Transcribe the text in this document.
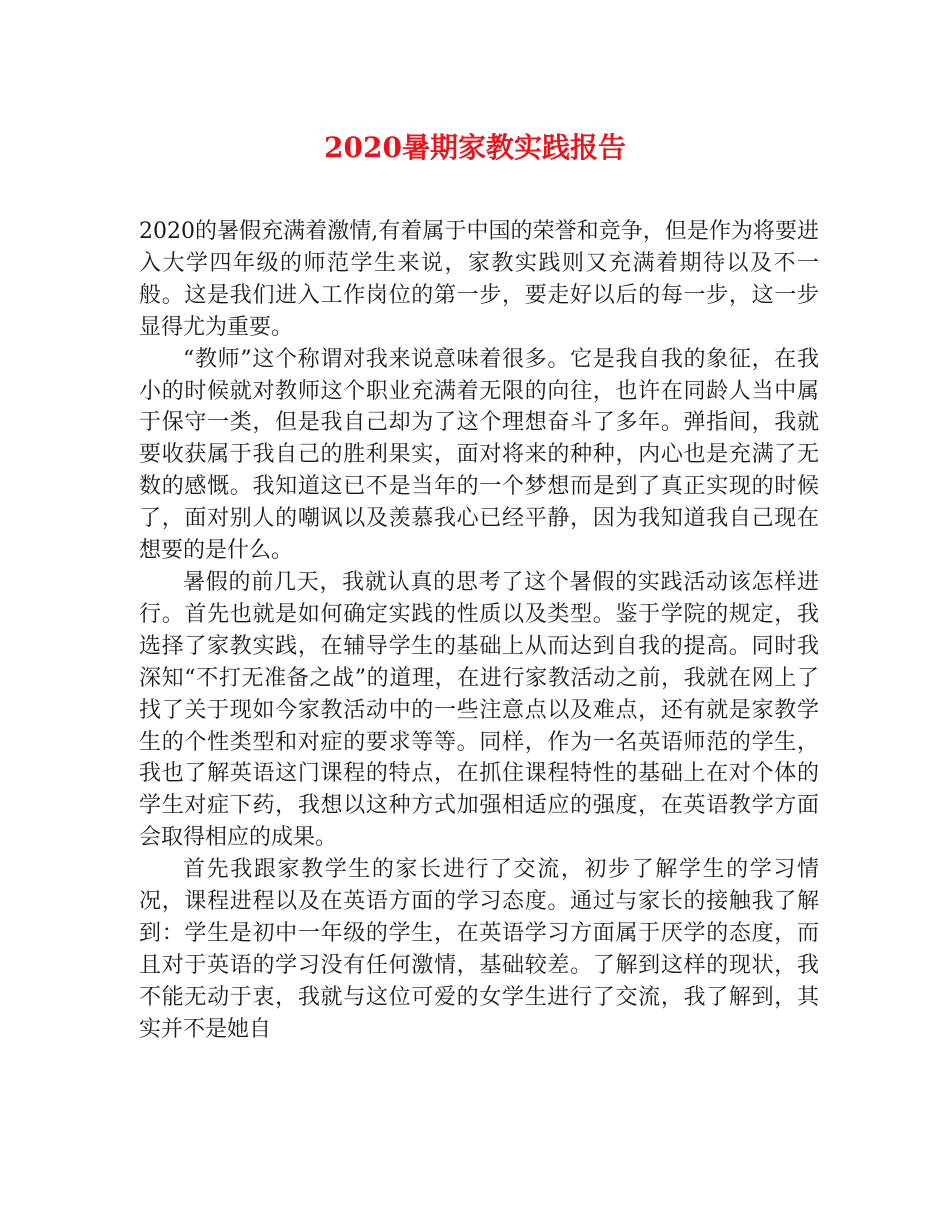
2020暑期家教实践报告

2020的暑假充满着激情,有着属于中国的荣誉和竞争，但是作为将要进入大学四年级的师范学生来说，家教实践则又充满着期待以及不一般。这是我们进入工作岗位的第一步，要走好以后的每一步，这一步显得尤为重要。

“教师”这个称谓对我来说意味着很多。它是我自我的象征，在我小的时候就对教师这个职业充满着无限的向往，也许在同龄人当中属于保守一类，但是我自己却为了这个理想奋斗了多年。弹指间，我就要收获属于我自己的胜利果实，面对将来的种种，内心也是充满了无数的感慨。我知道这已不是当年的一个梦想而是到了真正实现的时候了，面对别人的嘲讽以及羡慕我心已经平静，因为我知道我自己现在想要的是什么。

暑假的前几天，我就认真的思考了这个暑假的实践活动该怎样进行。首先也就是如何确定实践的性质以及类型。鉴于学院的规定，我选择了家教实践，在辅导学生的基础上从而达到自我的提高。同时我深知“不打无准备之战”的道理，在进行家教活动之前，我就在网上了找了关于现如今家教活动中的一些注意点以及难点，还有就是家教学生的个性类型和对症的要求等等。同样，作为一名英语师范的学生，我也了解英语这门课程的特点，在抓住课程特性的基础上在对个体的学生对症下药，我想以这种方式加强相适应的强度，在英语教学方面会取得相应的成果。

首先我跟家教学生的家长进行了交流，初步了解学生的学习情况，课程进程以及在英语方面的学习态度。通过与家长的接触我了解到：学生是初中一年级的学生，在英语学习方面属于厌学的态度，而且对于英语的学习没有任何激情，基础较差。了解到这样的现状，我不能无动于衷，我就与这位可爱的女学生进行了交流，我了解到，其实并不是她自
